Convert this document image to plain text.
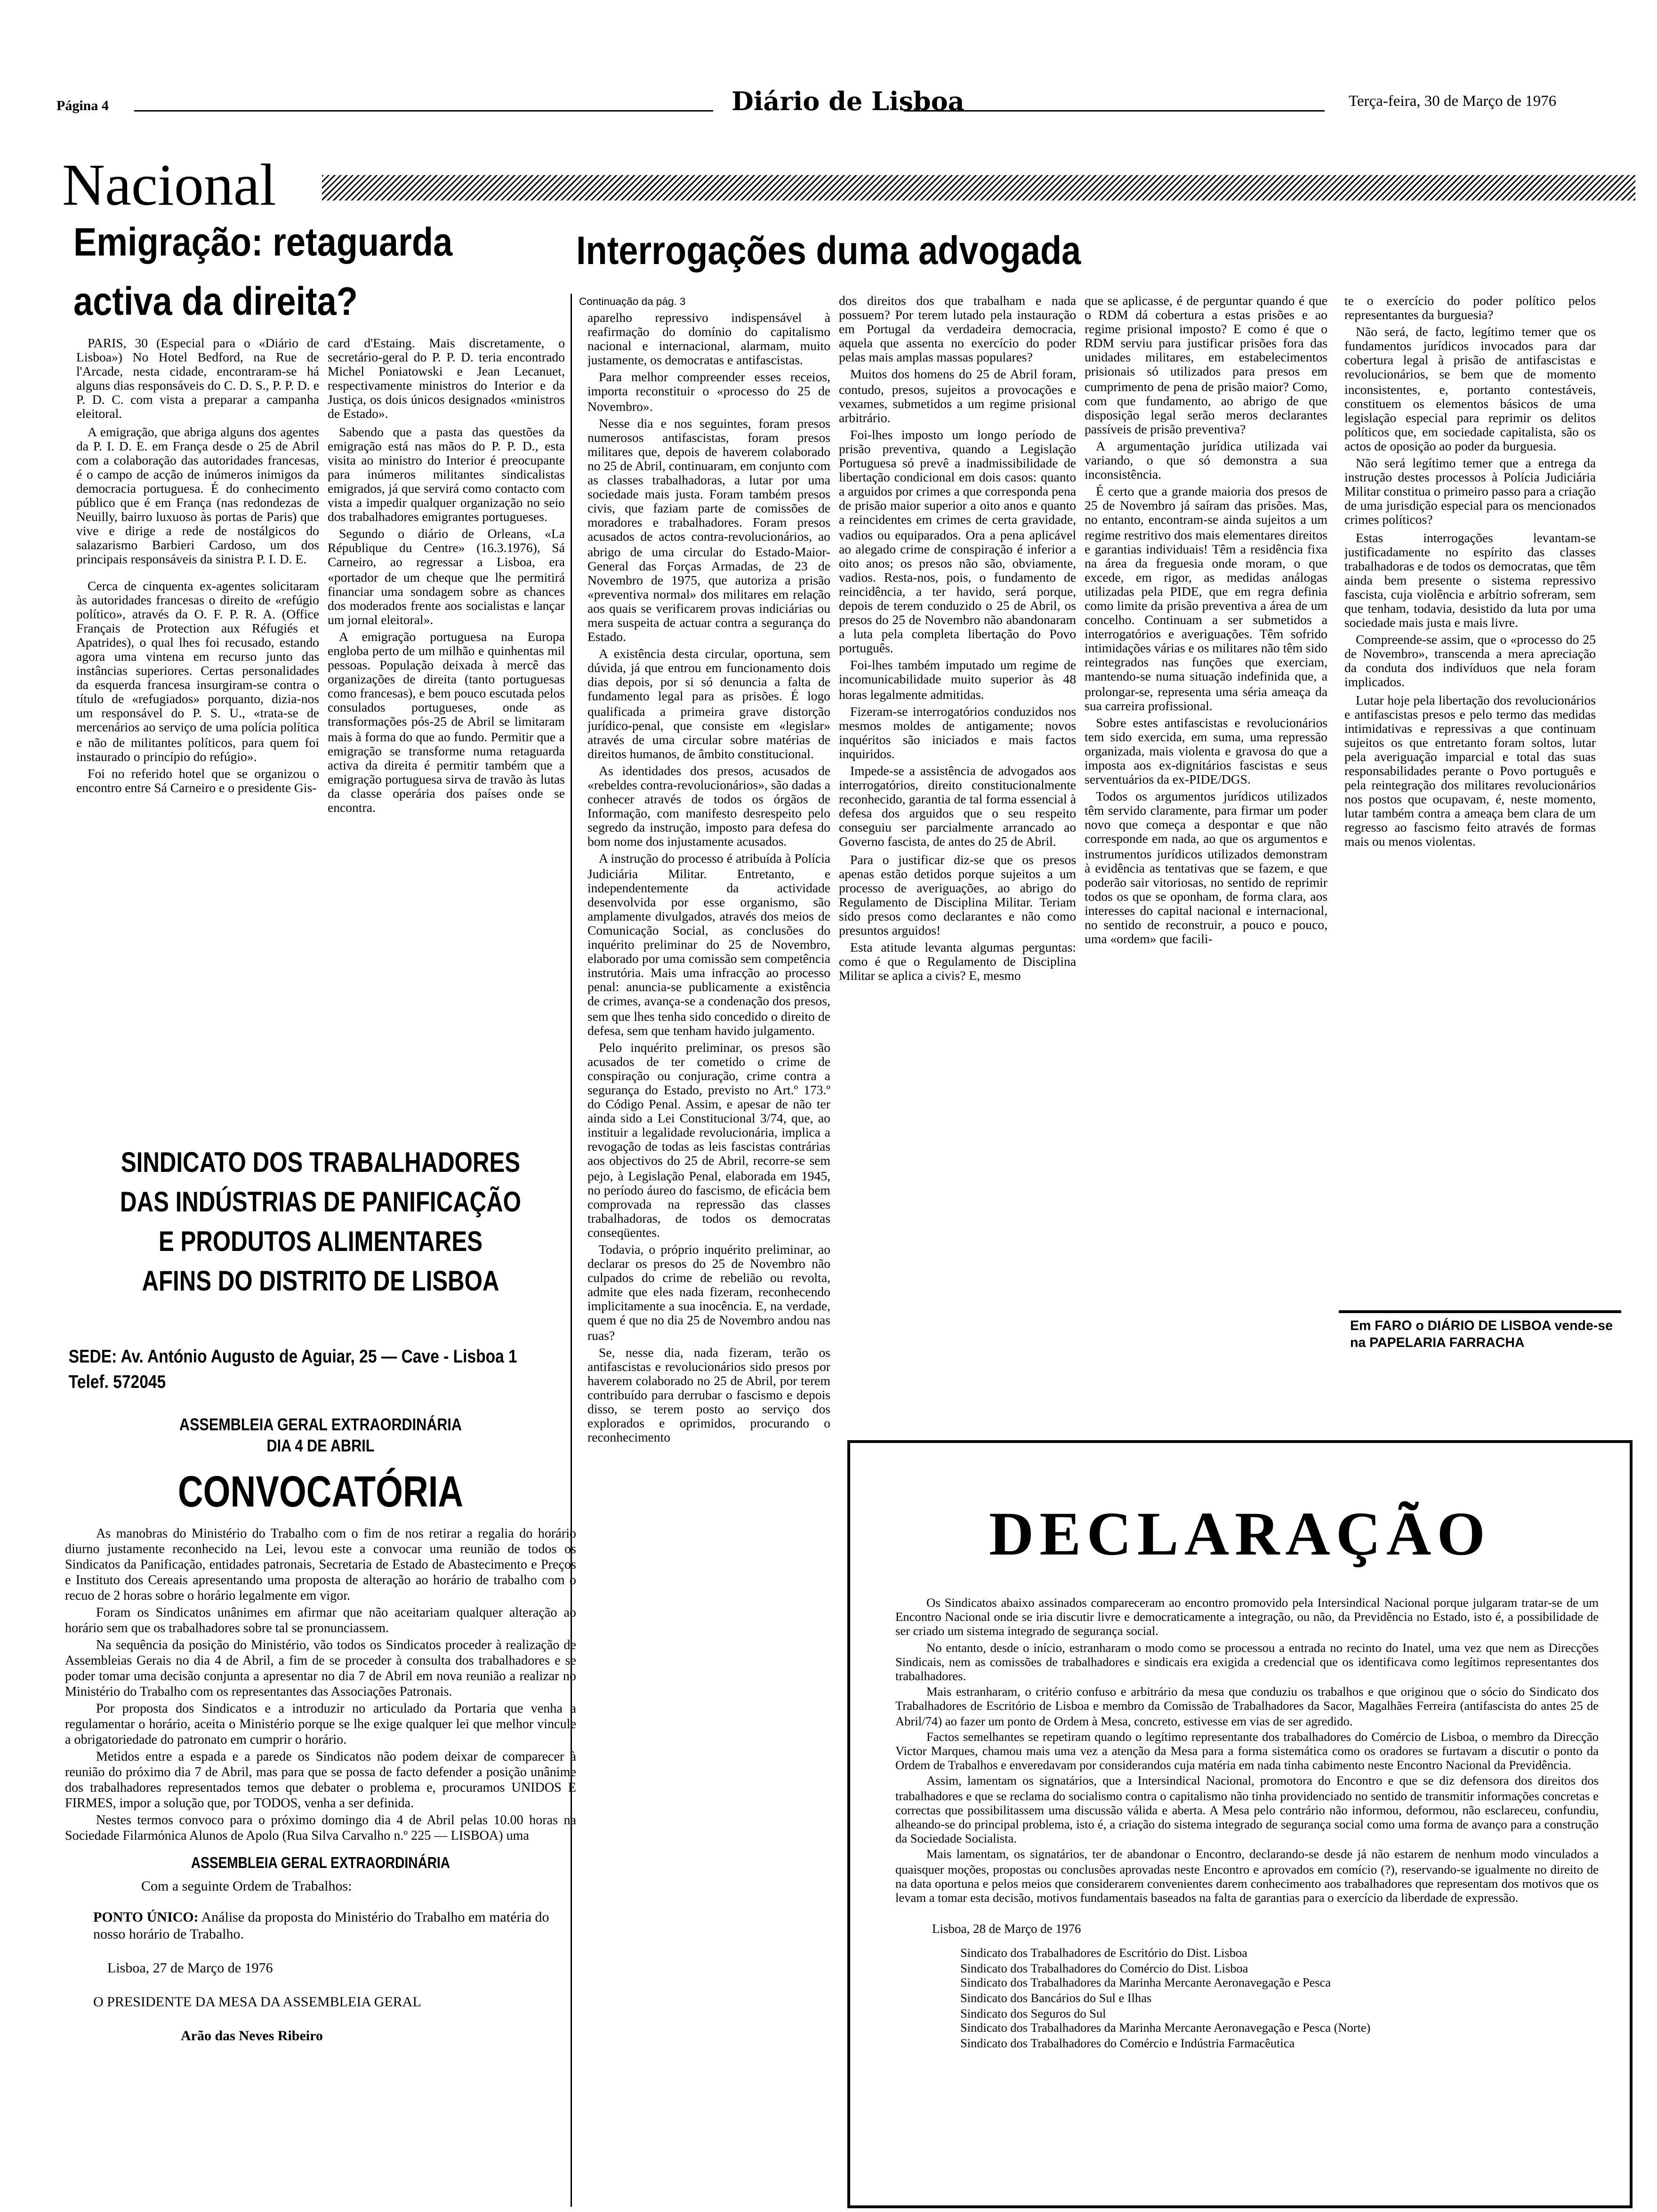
Página 4	Diário de Lisboa	Terça-feira, 30 de Março de 1976
Nacional
Emigração: retaguarda
activa da direita?

PARIS, 30 (Especial para o «Diário de Lisboa») No Hotel Bedford, na Rue de l'Arcade, nesta cidade, encontraram-se há alguns dias responsáveis do C. D. S., P. P. D. e P. D. C. com vista a preparar a campanha eleitoral.

A emigração, que abriga alguns dos agentes da P. I. D. E. em França desde o 25 de Abril com a colaboração das autoridades francesas, é o campo de acção de inúmeros inimigos da democracia portuguesa. É do conhecimento público que é em França (nas redondezas de Neuilly, bairro luxuoso às portas de Paris) que vive e dirige a rede de nostálgicos do salazarismo Barbieri Cardoso, um dos principais responsáveis da sinistra P. I. D. E.

Cerca de cinquenta ex-agentes solicitaram às autoridades francesas o direito de «refúgio político», através da O. F. P. R. A. (Office Français de Protection aux Réfugiés et Apatrides), o qual lhes foi recusado, estando agora uma vintena em recurso junto das instâncias superiores. Certas personalidades da esquerda francesa insurgiram-se contra o título de «refugiados» porquanto, dizia-nos um responsável do P. S. U., «trata-se de mercenários ao serviço de uma polícia política e não de militantes políticos, para quem foi instaurado o princípio do refúgio».

Foi no referido hotel que se organizou o encontro entre Sá Carneiro e o presidente Gis-

card d'Estaing. Mais discretamente, o secretário-geral do P. P. D. teria encontrado Michel Poniatowski e Jean Lecanuet, respectivamente ministros do Interior e da Justiça, os dois únicos designados «ministros de Estado».

Sabendo que a pasta das questões da emigração está nas mãos do P. P. D., esta visita ao ministro do Interior é preocupante para inúmeros militantes sindicalistas emigrados, já que servirá como contacto com vista a impedir qualquer organização no seio dos trabalhadores emigrantes portugueses.

Segundo o diário de Orleans, «La République du Centre» (16.3.1976), Sá Carneiro, ao regressar a Lisboa, era «portador de um cheque que lhe permitirá financiar uma sondagem sobre as chances dos moderados frente aos socialistas e lançar um jornal eleitoral».

A emigração portuguesa na Europa engloba perto de um milhão e quinhentas mil pessoas. População deixada à mercê das organizações de direita (tanto portuguesas como francesas), e bem pouco escutada pelos consulados portugueses, onde as transformações pós-25 de Abril se limitaram mais à forma do que ao fundo. Permitir que a emigração se transforme numa retaguarda activa da direita é permitir também que a emigração portuguesa sirva de travão às lutas da classe operária dos países onde se encontra.

SINDICATO DOS TRABALHADORES
DAS INDÚSTRIAS DE PANIFICAÇÃO
E PRODUTOS ALIMENTARES
AFINS DO DISTRITO DE LISBOA
SEDE: Av. António Augusto de Aguiar, 25 — Cave - Lisboa 1 Telef. 572045
ASSEMBLEIA GERAL EXTRAORDINÁRIA
DIA 4 DE ABRIL
CONVOCATÓRIA

As manobras do Ministério do Trabalho com o fim de nos retirar a regalia do horário diurno justamente reconhecido na Lei, levou este a convocar uma reunião de todos os Sindicatos da Panificação, entidades patronais, Secretaria de Estado de Abastecimento e Preços e Instituto dos Cereais apresentando uma proposta de alteração ao horário de trabalho com o recuo de 2 horas sobre o horário legalmente em vigor.

Foram os Sindicatos unânimes em afirmar que não aceitariam qualquer alteração ao horário sem que os trabalhadores sobre tal se pronunciassem.

Na sequência da posição do Ministério, vão todos os Sindicatos proceder à realização de Assembleias Gerais no dia 4 de Abril, a fim de se proceder à consulta dos trabalhadores e se poder tomar uma decisão conjunta a apresentar no dia 7 de Abril em nova reunião a realizar no Ministério do Trabalho com os representantes das Associações Patronais.

Por proposta dos Sindicatos e a introduzir no articulado da Portaria que venha a regulamentar o horário, aceita o Ministério porque se lhe exige qualquer lei que melhor vincule a obrigatoriedade do patronato em cumprir o horário.

Metidos entre a espada e a parede os Sindicatos não podem deixar de comparecer à reunião do próximo dia 7 de Abril, mas para que se possa de facto defender a posição unânime dos trabalhadores representados temos que debater o problema e, procuramos UNIDOS E FIRMES, impor a solução que, por TODOS, venha a ser definida.

Nestes termos convoco para o próximo domingo dia 4 de Abril pelas 10.00 horas na Sociedade Filarmónica Alunos de Apolo (Rua Silva Carvalho n.º 225 — LISBOA) uma

ASSEMBLEIA GERAL EXTRAORDINÁRIA
Com a seguinte Ordem de Trabalhos:
PONTO ÚNICO: Análise da proposta do Ministério do Trabalho em matéria do nosso horário de Trabalho.
Lisboa, 27 de Março de 1976
O PRESIDENTE DA MESA DA ASSEMBLEIA GERAL
Arão das Neves Ribeiro
Interrogações duma advogada
Continuação da pág. 3

aparelho repressivo indispensável à reafirmação do domínio do capitalismo nacional e internacional, alarmam, muito justamente, os democratas e antifascistas.

Para melhor compreender esses receios, importa reconstituir o «processo do 25 de Novembro».

Nesse dia e nos seguintes, foram presos numerosos antifascistas, foram presos militares que, depois de haverem colaborado no 25 de Abril, continuaram, em conjunto com as classes trabalhadoras, a lutar por uma sociedade mais justa. Foram também presos civis, que faziam parte de comissões de moradores e trabalhadores. Foram presos acusados de actos contra-revolucionários, ao abrigo de uma circular do Estado-Maior-General das Forças Armadas, de 23 de Novembro de 1975, que autoriza a prisão «preventiva normal» dos militares em relação aos quais se verificarem provas indiciárias ou mera suspeita de actuar contra a segurança do Estado.

A existência desta circular, oportuna, sem dúvida, já que entrou em funcionamento dois dias depois, por si só denuncia a falta de fundamento legal para as prisões. É logo qualificada a primeira grave distorção jurídico-penal, que consiste em «legislar» através de uma circular sobre matérias de direitos humanos, de âmbito constitucional.

As identidades dos presos, acusados de «rebeldes contra-revolucionários», são dadas a conhecer através de todos os órgãos de Informação, com manifesto desrespeito pelo segredo da instrução, imposto para defesa do bom nome dos injustamente acusados.

A instrução do processo é atribuída à Polícia Judiciária Militar. Entretanto, e independentemente da actividade desenvolvida por esse organismo, são amplamente divulgados, através dos meios de Comunicação Social, as conclusões do inquérito preliminar do 25 de Novembro, elaborado por uma comissão sem competência instrutória. Mais uma infracção ao processo penal: anuncia-se publicamente a existência de crimes, avança-se a condenação dos presos, sem que lhes tenha sido concedido o direito de defesa, sem que tenham havido julgamento.

Pelo inquérito preliminar, os presos são acusados de ter cometido o crime de conspiração ou conjuração, crime contra a segurança do Estado, previsto no Art.º 173.º do Código Penal. Assim, e apesar de não ter ainda sido a Lei Constitucional 3/74, que, ao instituir a legalidade revolucionária, implica a revogação de todas as leis fascistas contrárias aos objectivos do 25 de Abril, recorre-se sem pejo, à Legislação Penal, elaborada em 1945, no período áureo do fascismo, de eficácia bem comprovada na repressão das classes trabalhadoras, de todos os democratas conseqüentes.

Todavia, o próprio inquérito preliminar, ao declarar os presos do 25 de Novembro não culpados do crime de rebelião ou revolta, admite que eles nada fizeram, reconhecendo implicitamente a sua inocência. E, na verdade, quem é que no dia 25 de Novembro andou nas ruas?

Se, nesse dia, nada fizeram, terão os antifascistas e revolucionários sido presos por haverem colaborado no 25 de Abril, por terem contribuído para derrubar o fascismo e depois disso, se terem posto ao serviço dos explorados e oprimidos, procurando o reconhecimento

dos direitos dos que trabalham e nada possuem? Por terem lutado pela instauração em Portugal da verdadeira democracia, aquela que assenta no exercício do poder pelas mais amplas massas populares?

Muitos dos homens do 25 de Abril foram, contudo, presos, sujeitos a provocações e vexames, submetidos a um regime prisional arbitrário.

Foi-lhes imposto um longo período de prisão preventiva, quando a Legislação Portuguesa só prevê a inadmissibilidade de libertação condicional em dois casos: quanto a arguidos por crimes a que corresponda pena de prisão maior superior a oito anos e quanto a reincidentes em crimes de certa gravidade, vadios ou equiparados. Ora a pena aplicável ao alegado crime de conspiração é inferior a oito anos; os presos não são, obviamente, vadios. Resta-nos, pois, o fundamento de reincidência, a ter havido, será porque, depois de terem conduzido o 25 de Abril, os presos do 25 de Novembro não abandonaram a luta pela completa libertação do Povo português.

Foi-lhes também imputado um regime de incomunicabilidade muito superior às 48 horas legalmente admitidas.

Fizeram-se interrogatórios conduzidos nos mesmos moldes de antigamente; novos inquéritos são iniciados e mais factos inquiridos.

Impede-se a assistência de advogados aos interrogatórios, direito constitucionalmente reconhecido, garantia de tal forma essencial à defesa dos arguidos que o seu respeito conseguiu ser parcialmente arrancado ao Governo fascista, de antes do 25 de Abril.

Para o justificar diz-se que os presos apenas estão detidos porque sujeitos a um processo de averiguações, ao abrigo do Regulamento de Disciplina Militar. Teriam sido presos como declarantes e não como presuntos arguidos!

Esta atitude levanta algumas perguntas: como é que o Regulamento de Disciplina Militar se aplica a civis? E, mesmo

que se aplicasse, é de perguntar quando é que o RDM dá cobertura a estas prisões e ao regime prisional imposto? E como é que o RDM serviu para justificar prisões fora das unidades militares, em estabelecimentos prisionais só utilizados para presos em cumprimento de pena de prisão maior? Como, com que fundamento, ao abrigo de que disposição legal serão meros declarantes passíveis de prisão preventiva?

A argumentação jurídica utilizada vai variando, o que só demonstra a sua inconsistência.

É certo que a grande maioria dos presos de 25 de Novembro já saíram das prisões. Mas, no entanto, encontram-se ainda sujeitos a um regime restritivo dos mais elementares direitos e garantias individuais! Têm a residência fixa na área da freguesia onde moram, o que excede, em rigor, as medidas análogas utilizadas pela PIDE, que em regra definia como limite da prisão preventiva a área de um concelho. Continuam a ser submetidos a interrogatórios e averiguações. Têm sofrido intimidações várias e os militares não têm sido reintegrados nas funções que exerciam, mantendo-se numa situação indefinida que, a prolongar-se, representa uma séria ameaça da sua carreira profissional.

Sobre estes antifascistas e revolucionários tem sido exercida, em suma, uma repressão organizada, mais violenta e gravosa do que a imposta aos ex-dignitários fascistas e seus serventuários da ex-PIDE/DGS.

Todos os argumentos jurídicos utilizados têm servido claramente, para firmar um poder novo que começa a despontar e que não corresponde em nada, ao que os argumentos e instrumentos jurídicos utilizados demonstram à evidência as tentativas que se fazem, e que poderão sair vitoriosas, no sentido de reprimir todos os que se oponham, de forma clara, aos interesses do capital nacional e internacional, no sentido de reconstruir, a pouco e pouco, uma «ordem» que facili-

te o exercício do poder político pelos representantes da burguesia?

Não será, de facto, legítimo temer que os fundamentos jurídicos invocados para dar cobertura legal à prisão de antifascistas e revolucionários, se bem que de momento inconsistentes, e, portanto contestáveis, constituem os elementos básicos de uma legislação especial para reprimir os delitos políticos que, em sociedade capitalista, são os actos de oposição ao poder da burguesia.

Não será legítimo temer que a entrega da instrução destes processos à Polícia Judiciária Militar constitua o primeiro passo para a criação de uma jurisdição especial para os mencionados crimes políticos?

Estas interrogações levantam-se justificadamente no espírito das classes trabalhadoras e de todos os democratas, que têm ainda bem presente o sistema repressivo fascista, cuja violência e arbítrio sofreram, sem que tenham, todavia, desistido da luta por uma sociedade mais justa e mais livre.

Compreende-se assim, que o «processo do 25 de Novembro», transcenda a mera apreciação da conduta dos indivíduos que nela foram implicados.

Lutar hoje pela libertação dos revolucionários e antifascistas presos e pelo termo das medidas intimidativas e repressivas a que continuam sujeitos os que entretanto foram soltos, lutar pela averiguação imparcial e total das suas responsabilidades perante o Povo português e pela reintegração dos militares revolucionários nos postos que ocupavam, é, neste momento, lutar também contra a ameaça bem clara de um regresso ao fascismo feito através de formas mais ou menos violentas.

Em FARO o DIÁRIO DE LISBOA vende-se na PAPELARIA FARRACHA
DECLARAÇÃO

Os Sindicatos abaixo assinados compareceram ao encontro promovido pela Intersindical Nacional porque julgaram tratar-se de um Encontro Nacional onde se iria discutir livre e democraticamente a integração, ou não, da Previdência no Estado, isto é, a possibilidade de ser criado um sistema integrado de segurança social.

No entanto, desde o início, estranharam o modo como se processou a entrada no recinto do Inatel, uma vez que nem as Direcções Sindicais, nem as comissões de trabalhadores e sindicais era exigida a credencial que os identificava como legítimos representantes dos trabalhadores.

Mais estranharam, o critério confuso e arbitrário da mesa que conduziu os trabalhos e que originou que o sócio do Sindicato dos Trabalhadores de Escritório de Lisboa e membro da Comissão de Trabalhadores da Sacor, Magalhães Ferreira (antifascista do antes 25 de Abril/74) ao fazer um ponto de Ordem à Mesa, concreto, estivesse em vias de ser agredido.

Factos semelhantes se repetiram quando o legítimo representante dos trabalhadores do Comércio de Lisboa, o membro da Direcção Victor Marques, chamou mais uma vez a atenção da Mesa para a forma sistemática como os oradores se furtavam a discutir o ponto da Ordem de Trabalhos e enveredavam por considerandos cuja matéria em nada tinha cabimento neste Encontro Nacional da Previdência.

Assim, lamentam os signatários, que a Intersindical Nacional, promotora do Encontro e que se diz defensora dos direitos dos trabalhadores e que se reclama do socialismo contra o capitalismo não tinha providenciado no sentido de transmitir informações concretas e correctas que possibilitassem uma discussão válida e aberta. A Mesa pelo contrário não informou, deformou, não esclareceu, confundiu, alheando-se do principal problema, isto é, a criação do sistema integrado de segurança social como uma forma de avanço para a construção da Sociedade Socialista.

Mais lamentam, os signatários, ter de abandonar o Encontro, declarando-se desde já não estarem de nenhum modo vinculados a quaisquer moções, propostas ou conclusões aprovadas neste Encontro e aprovados em comício (?), reservando-se igualmente no direito de na data oportuna e pelos meios que considerarem convenientes darem conhecimento aos trabalhadores que representam dos motivos que os levam a tomar esta decisão, motivos fundamentais baseados na falta de garantias para o exercício da liberdade de expressão.

Lisboa, 28 de Março de 1976
Sindicato dos Trabalhadores de Escritório do Dist. Lisboa
Sindicato dos Trabalhadores do Comércio do Dist. Lisboa
Sindicato dos Trabalhadores da Marinha Mercante Aeronavegação e Pesca
Sindicato dos Bancários do Sul e Ilhas
Sindicato dos Seguros do Sul
Sindicato dos Trabalhadores da Marinha Mercante Aeronavegação e Pesca (Norte)
Sindicato dos Trabalhadores do Comércio e Indústria Farmacêutica
